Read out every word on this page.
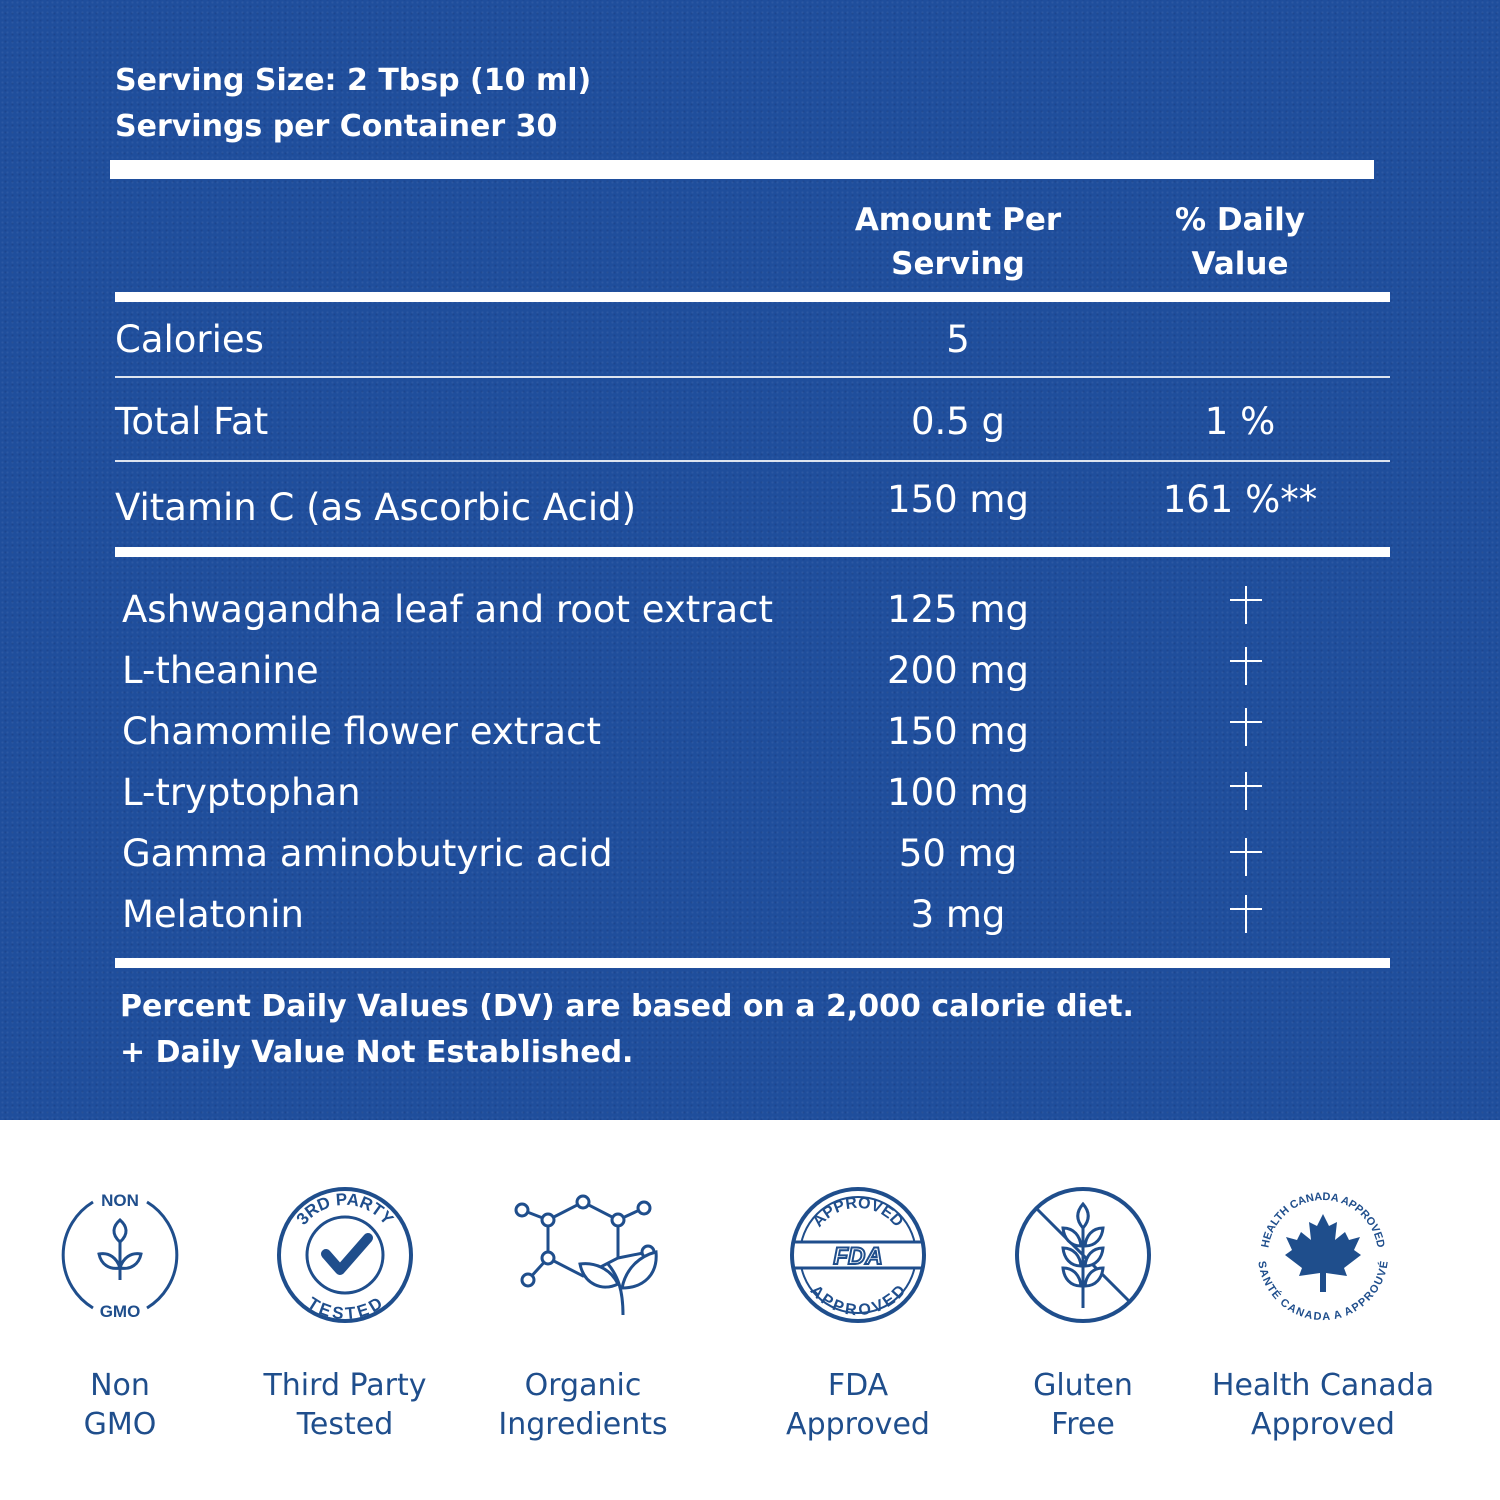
Serving Size: 2 Tbsp (10 ml)
Servings per Container 30
Amount Per
Serving
% Daily
Value
Calories	5
Total Fat	0.5 g	1 %
Vitamin C (as Ascorbic Acid)	150 mg	161 %**
Ashwagandha leaf and root extract	125 mg
L-theanine	200 mg
Chamomile flower extract	150 mg
L-tryptophan	100 mg
Gamma aminobutyric acid	50 mg
Melatonin	3 mg
Percent Daily Values (DV) are based on a 2,000 calorie diet.
+ Daily Value Not Established.
NON
GMO
Non
GMO
3RD PARTY
TESTED
Third Party
Tested
Organic
Ingredients
APPROVED
APPROVED
FDA
FDA
Approved
Gluten
Free
HEALTH CANADA APPROVED
SANTÉ CANADA A APPROUVÉ
Health Canada
Approved
